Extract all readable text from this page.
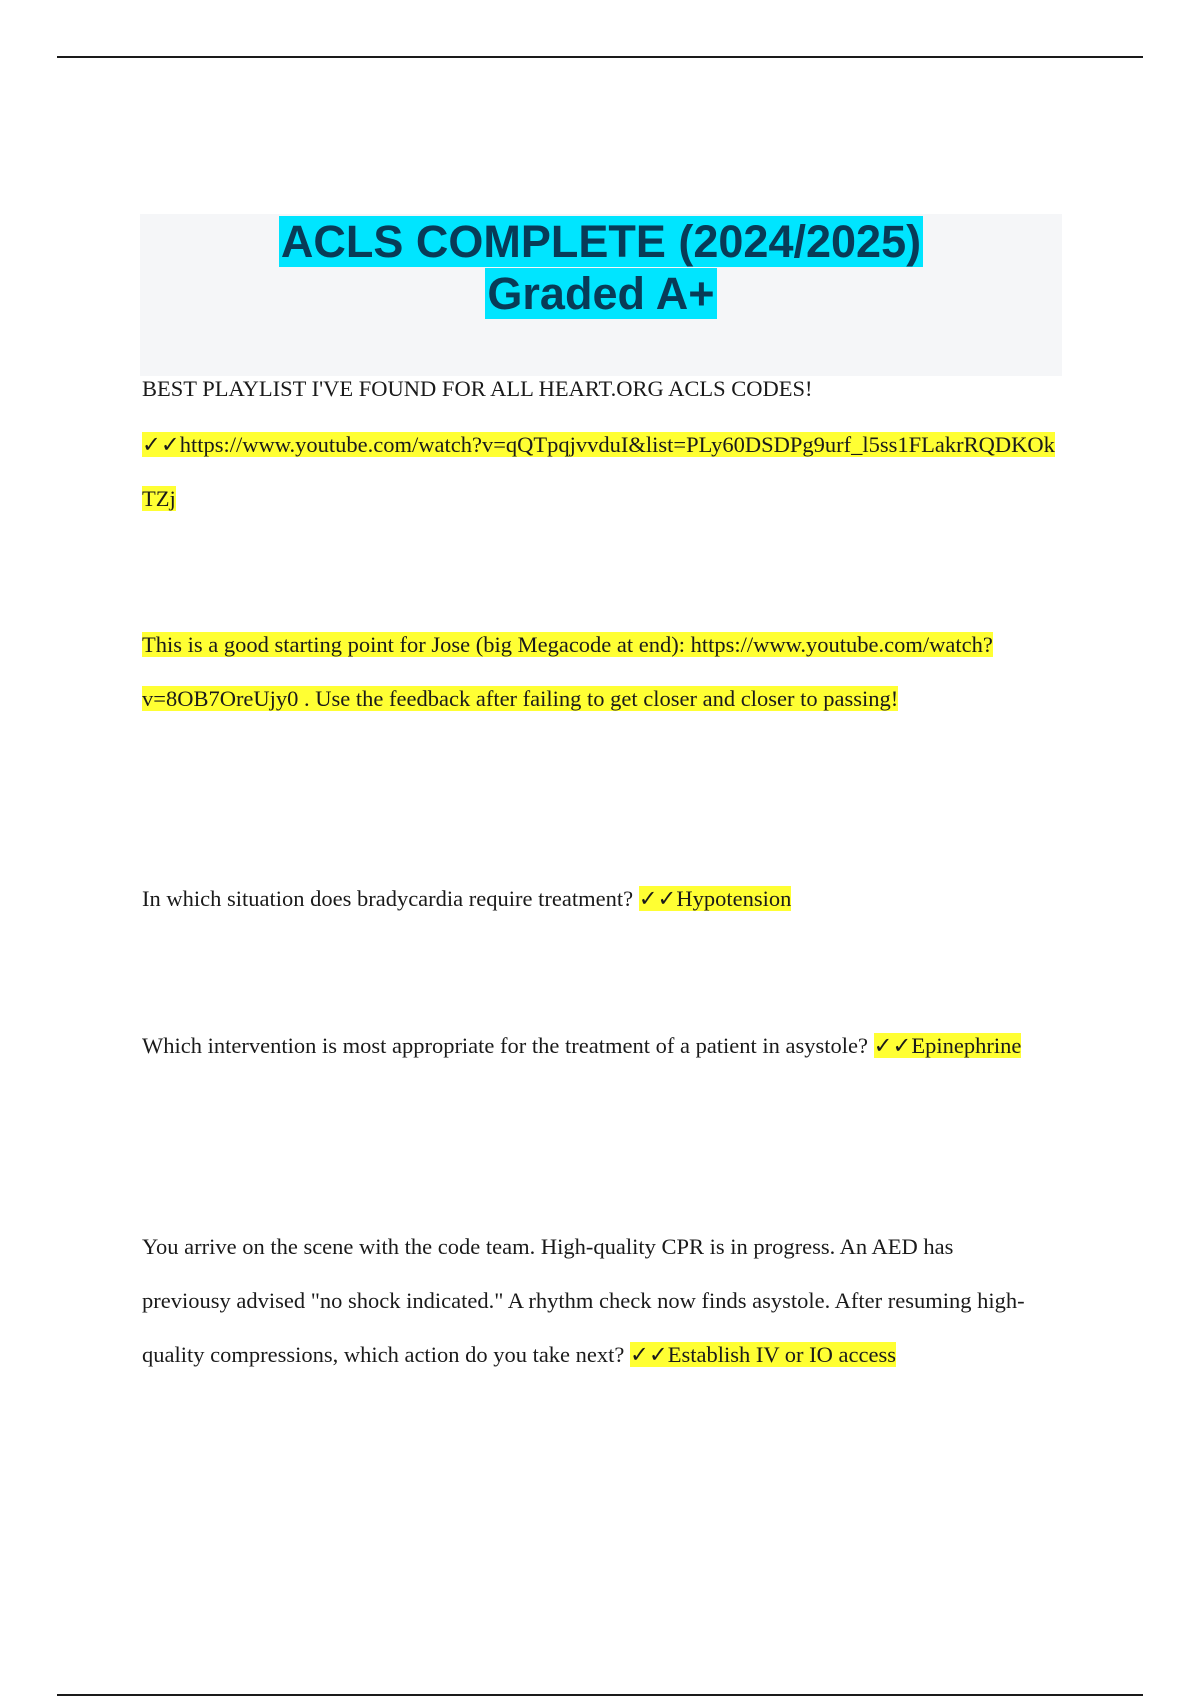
ACLS COMPLETE (2024/2025)
Graded A+

BEST PLAYLIST I'VE FOUND FOR ALL HEART.ORG ACLS CODES!

✓✓https://www.youtube.com/watch?v=qQTpqjvvduI&list=PLy60DSDPg9urf_l5ss1FLakrRQDKOkTZj

This is a good starting point for Jose (big Megacode at end): https://www.youtube.com/watch?v=8OB7OreUjy0 . Use the feedback after failing to get closer and closer to passing!

In which situation does bradycardia require treatment? ✓✓Hypotension

Which intervention is most appropriate for the treatment of a patient in asystole? ✓✓Epinephrine

You arrive on the scene with the code team. High-quality CPR is in progress. An AED has previousy advised "no shock indicated." A rhythm check now finds asystole. After resuming high-quality compressions, which action do you take next? ✓✓Establish IV or IO access
